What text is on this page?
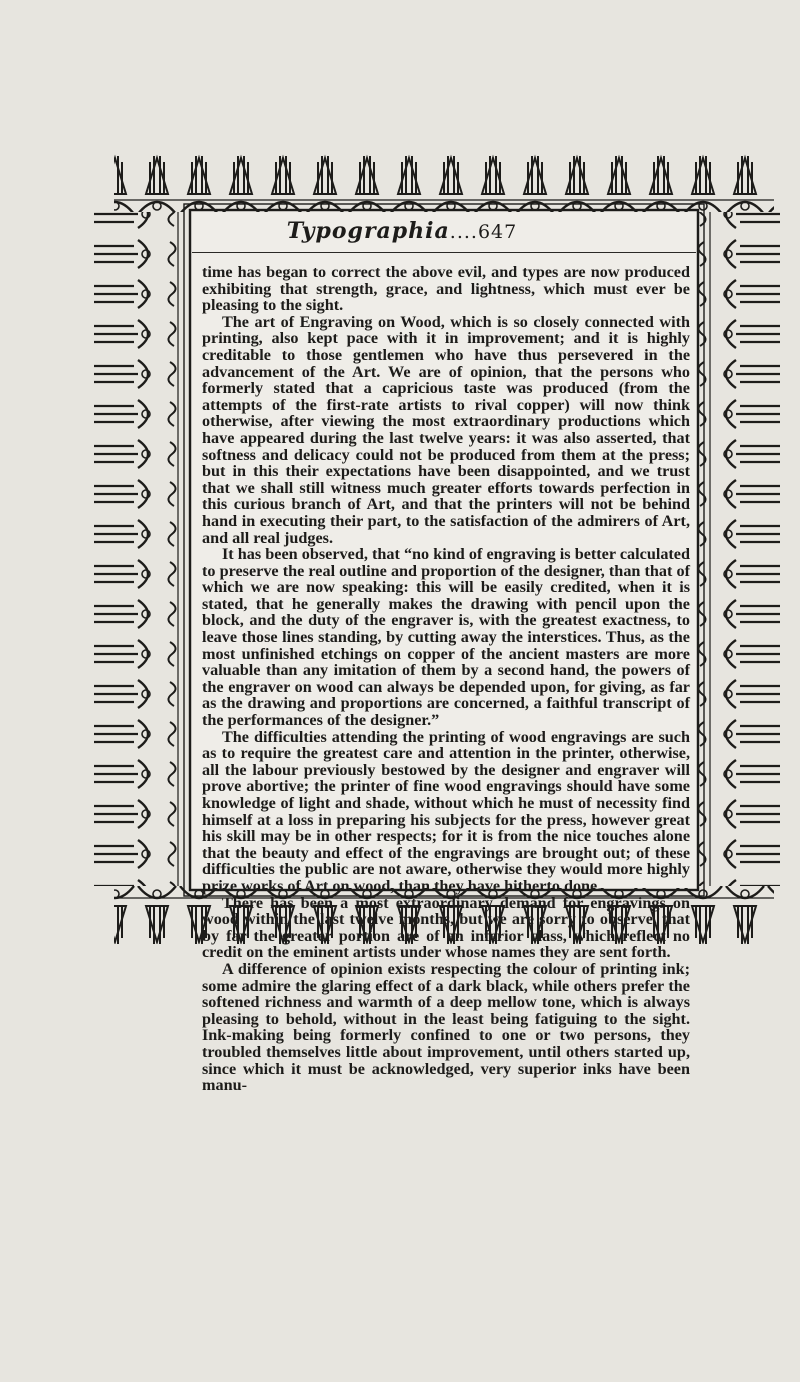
Typographia....647

time has began to correct the above evil, and types are now produced exhibiting that strength, grace, and lightness, which must ever be pleasing to the sight.

The art of Engraving on Wood, which is so closely connected with printing, also kept pace with it in improvement; and it is highly creditable to those gentlemen who have thus persevered in the advancement of the Art. We are of opinion, that the persons who formerly stated that a capricious taste was produced (from the attempts of the first-rate artists to rival copper) will now think otherwise, after viewing the most extraordinary productions which have appeared during the last twelve years: it was also asserted, that softness and delicacy could not be produced from them at the press; but in this their expectations have been disappointed, and we trust that we shall still witness much greater efforts towards perfection in this curious branch of Art, and that the printers will not be behind hand in executing their part, to the satisfaction of the admirers of Art, and all real judges.

It has been observed, that “no kind of engraving is better calculated to preserve the real outline and proportion of the designer, than that of which we are now speaking: this will be easily credited, when it is stated, that he generally makes the drawing with pencil upon the block, and the duty of the engraver is, with the greatest exactness, to leave those lines standing, by cutting away the interstices. Thus, as the most unfinished etchings on copper of the ancient masters are more valuable than any imitation of them by a second hand, the powers of the engraver on wood can always be depended upon, for giving, as far as the drawing and proportions are concerned, a faithful transcript of the performances of the designer.”

The difficulties attending the printing of wood engravings are such as to require the greatest care and attention in the printer, otherwise, all the labour previously bestowed by the designer and engraver will prove abortive; the printer of fine wood engravings should have some knowledge of light and shade, without which he must of necessity find himself at a loss in preparing his subjects for the press, however great his skill may be in other respects; for it is from the nice touches alone that the beauty and effect of the engravings are brought out; of these difficulties the public are not aware, otherwise they would more highly prize works of Art on wood, than they have hitherto done.

There has been a most extraordinary demand for engravings on wood within the last twelve months, but we are sorry to observe, that by far the greater portion are of an inferior class, which reflect no credit on the eminent artists under whose names they are sent forth.

A difference of opinion exists respecting the colour of printing ink; some admire the glaring effect of a dark black, while others prefer the softened richness and warmth of a deep mellow tone, which is always pleasing to behold, without in the least being fatiguing to the sight. Ink-making being formerly confined to one or two persons, they troubled themselves little about improvement, until others started up, since which it must be acknowledged, very superior inks have been manu-
